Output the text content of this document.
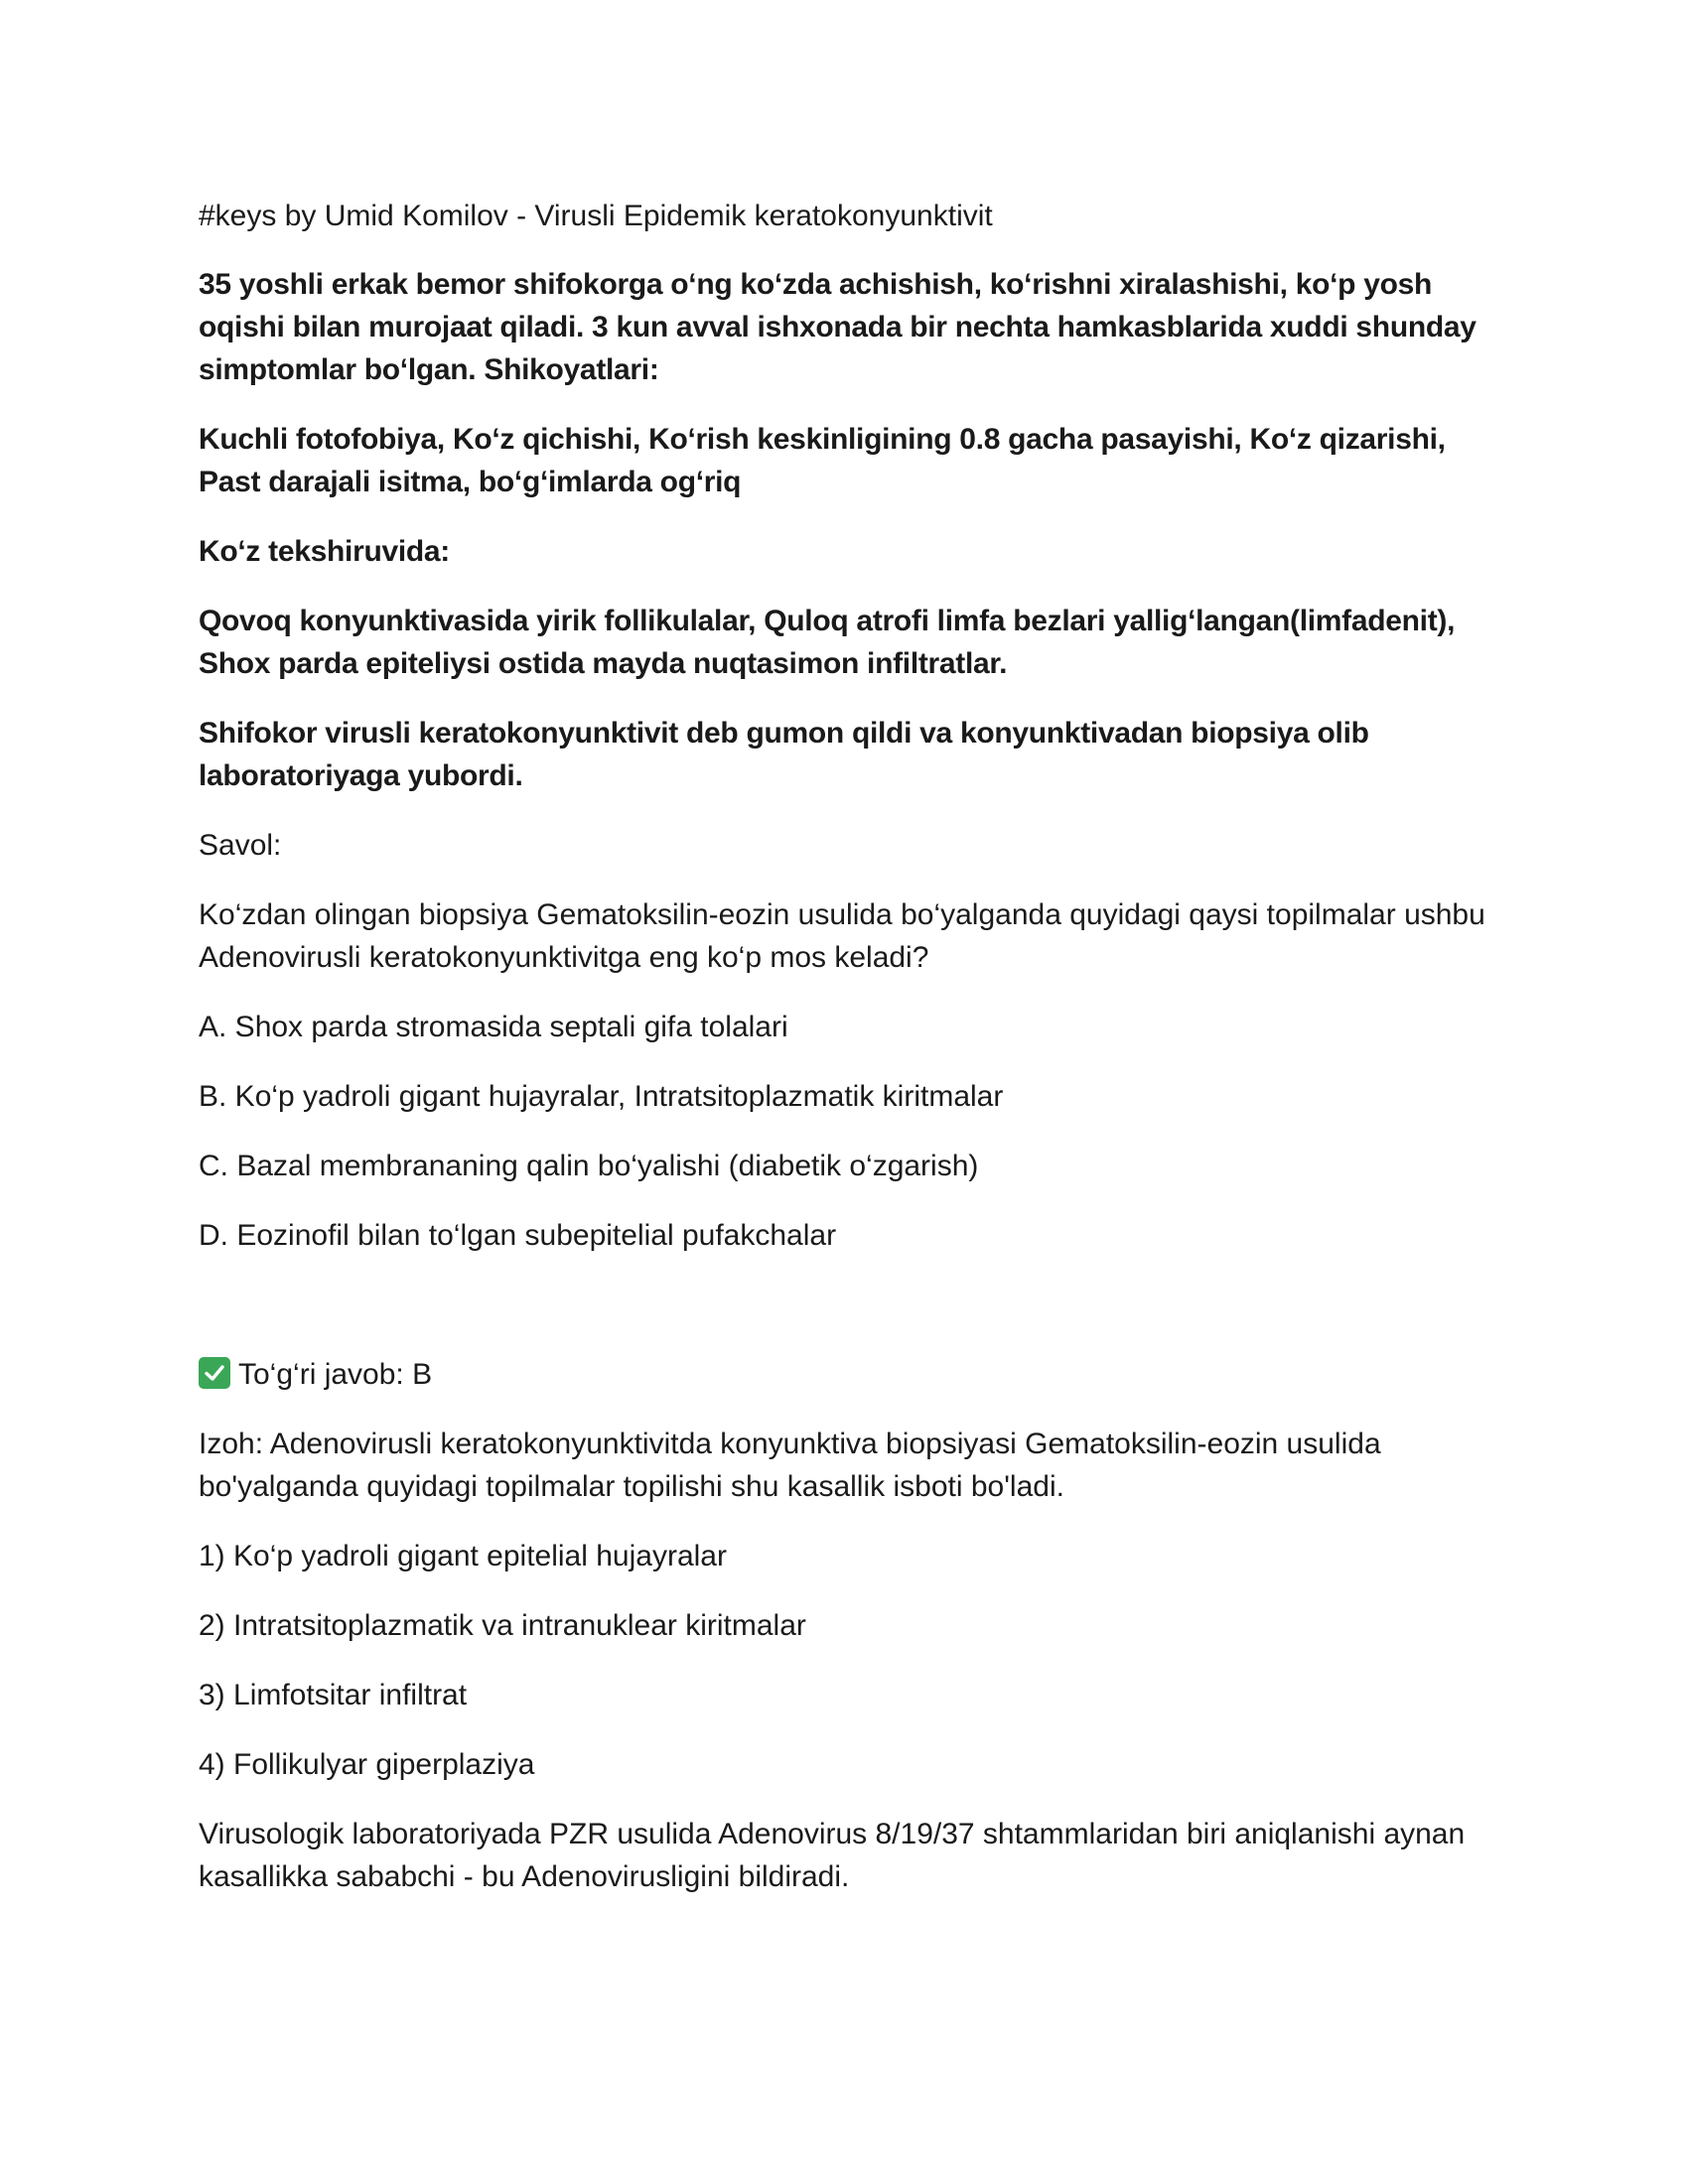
#keys by Umid Komilov - Virusli Epidemik keratokonyunktivit

35 yoshli erkak bemor shifokorga o‘ng ko‘zda achishish, ko‘rishni xiralashishi, ko‘p yosh oqishi bilan murojaat qiladi. 3 kun avval ishxonada bir nechta hamkasblarida xuddi shunday simptomlar bo‘lgan. Shikoyatlari:

Kuchli fotofobiya, Ko‘z qichishi, Ko‘rish keskinligining 0.8 gacha pasayishi, Ko‘z qizarishi, Past darajali isitma, bo‘g‘imlarda og‘riq

Ko‘z tekshiruvida:

Qovoq konyunktivasida yirik follikulalar, Quloq atrofi limfa bezlari yallig‘langan(limfadenit), Shox parda epiteliysi ostida mayda nuqtasimon infiltratlar.

Shifokor virusli keratokonyunktivit deb gumon qildi va konyunktivadan biopsiya olib laboratoriyaga yubordi.

Savol:

Ko‘zdan olingan biopsiya Gematoksilin-eozin usulida bo‘yalganda quyidagi qaysi topilmalar ushbu Adenovirusli keratokonyunktivitga eng ko‘p mos keladi?

A. Shox parda stromasida septali gifa tolalari

B. Ko‘p yadroli gigant hujayralar, Intratsitoplazmatik kiritmalar

C. Bazal membrananing qalin bo‘yalishi (diabetik o‘zgarish)

D. Eozinofil bilan to‘lgan subepitelial pufakchalar

To‘g‘ri javob: B

Izoh: Adenovirusli keratokonyunktivitda konyunktiva biopsiyasi Gematoksilin-eozin usulida bo'yalganda quyidagi topilmalar topilishi shu kasallik isboti bo'ladi.

1) Ko‘p yadroli gigant epitelial hujayralar

2) Intratsitoplazmatik va intranuklear kiritmalar

3) Limfotsitar infiltrat

4) Follikulyar giperplaziya

Virusologik laboratoriyada PZR usulida Adenovirus 8/19/37 shtammlaridan biri aniqlanishi aynan kasallikka sababchi - bu Adenovirusligini bildiradi.
